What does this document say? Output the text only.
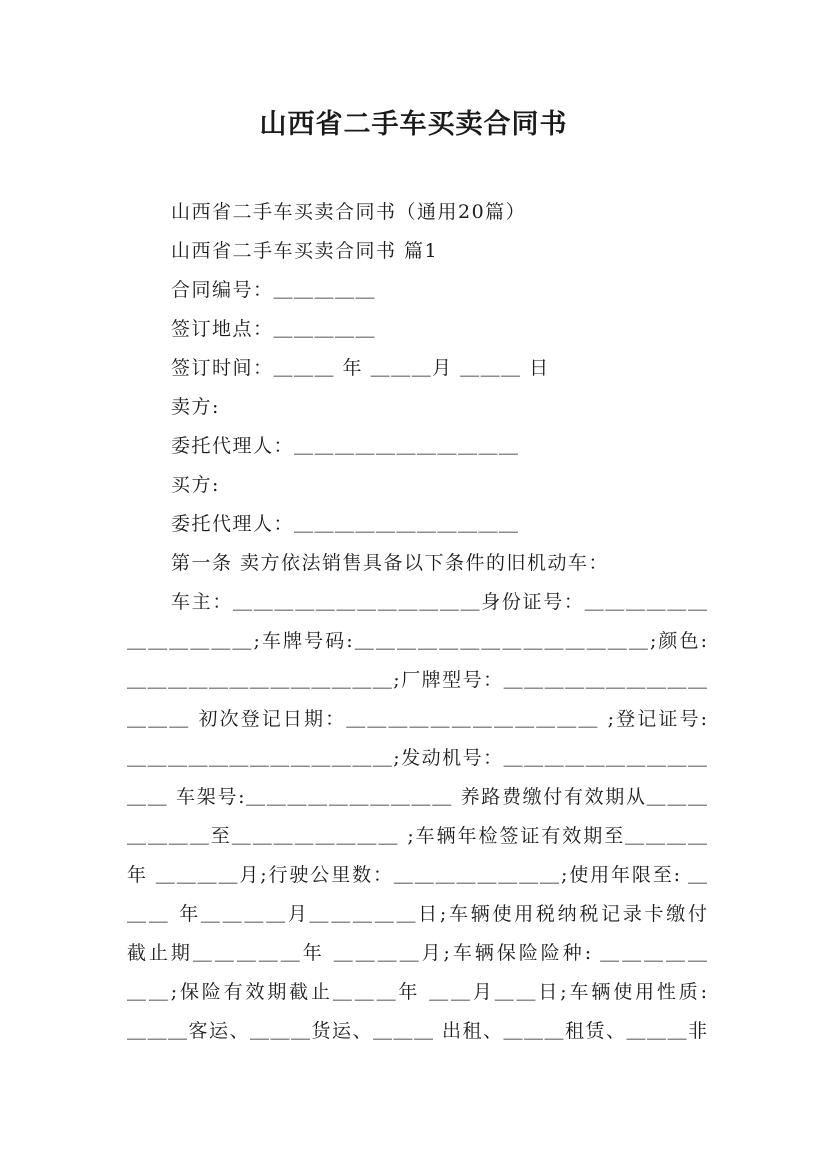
山西省二手车买卖合同书
山西省二手车买卖合同书（通用20篇）
山西省二手车买卖合同书 篇1
合同编号：＿＿＿＿＿
签订地点：＿＿＿＿＿
签订时间：＿＿＿ 年 ＿＿＿月 ＿＿＿ 日
卖方:
委托代理人：＿＿＿＿＿＿＿＿＿＿＿
买方:
委托代理人：＿＿＿＿＿＿＿＿＿＿＿
第一条 卖方依法销售具备以下条件的旧机动车：
车主：＿＿＿＿＿＿＿＿＿＿＿＿身份证号：＿＿＿＿＿＿
＿＿＿＿＿＿;车牌号码:＿＿＿＿＿＿＿＿＿＿＿＿＿＿;颜色:
＿＿＿＿＿＿＿＿＿＿＿＿＿;厂牌型号：＿＿＿＿＿＿＿＿＿＿
＿＿＿ 初次登记日期：＿＿＿＿＿＿＿＿＿＿＿＿ ;登记证号:
＿＿＿＿＿＿＿＿＿＿＿＿＿;发动机号：＿＿＿＿＿＿＿＿＿＿
＿＿ 车架号:＿＿＿＿＿＿＿＿＿＿ 养路费缴付有效期从＿＿＿
＿＿＿＿至＿＿＿＿＿＿＿＿ ;车辆年检签证有效期至＿＿＿＿
年 ＿＿＿＿月;行驶公里数：＿＿＿＿＿＿＿＿;使用年限至: ＿
＿＿ 年＿＿＿＿月＿＿＿＿＿日;车辆使用税纳税记录卡缴付
截止期＿＿＿＿＿年 ＿＿＿＿月;车辆保险险种: ＿＿＿＿＿
＿＿;保险有效期截止＿＿＿年 ＿＿月＿＿日;车辆使用性质:
＿＿＿客运、＿＿＿货运、＿＿＿ 出租、＿＿＿租赁、＿＿＿非
